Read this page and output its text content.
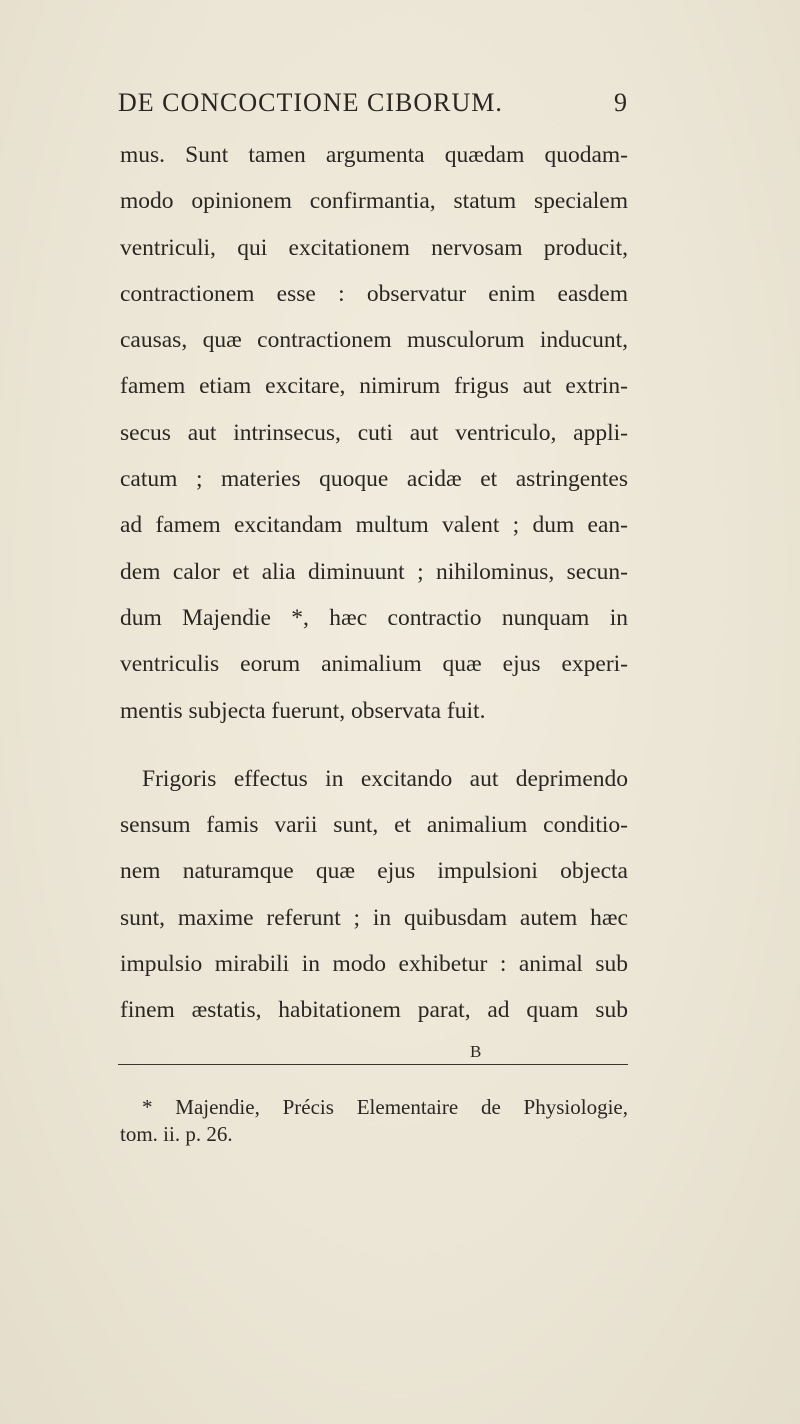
DE CONCOCTIONE CIBORUM.	9
mus. Sunt tamen argumenta quædam quodam-
modo opinionem confirmantia, statum specialem
ventriculi, qui excitationem nervosam producit,
contractionem esse : observatur enim easdem
causas, quæ contractionem musculorum inducunt,
famem etiam excitare, nimirum frigus aut extrin-
secus aut intrinsecus, cuti aut ventriculo, appli-
catum ; materies quoque acidæ et astringentes
ad famem excitandam multum valent ; dum ean-
dem calor et alia diminuunt ; nihilominus, secun-
dum Majendie *, hæc contractio nunquam in
ventriculis eorum animalium quæ ejus experi-
mentis subjecta fuerunt, observata fuit.
Frigoris effectus in excitando aut deprimendo
sensum famis varii sunt, et animalium conditio-
nem naturamque quæ ejus impulsioni objecta
sunt, maxime referunt ; in quibusdam autem hæc
impulsio mirabili in modo exhibetur : animal sub
finem æstatis, habitationem parat, ad quam sub
B
* Majendie, Précis Elementaire de Physiologie,
tom. ii. p. 26.
